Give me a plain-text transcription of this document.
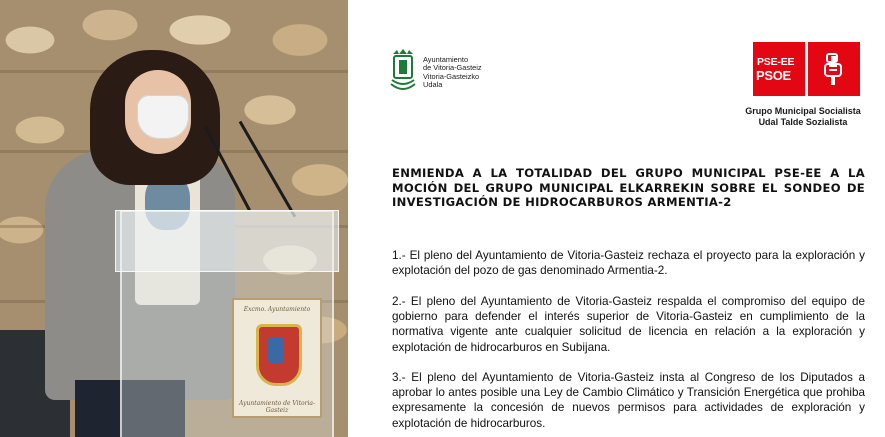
Excmo. Ayuntamiento
Ayuntamiento de Vitoria-Gasteiz
Ayuntamiento
de Vitoria-Gasteiz
Vitoria-Gasteizko
Udala
PSE-EE
PSOE
Grupo Municipal Socialista
Udal Talde Sozialista
ENMIENDA A LA TOTALIDAD DEL GRUPO MUNICIPAL PSE-EE A LA MOCIÓN DEL GRUPO MUNICIPAL ELKARREKIN SOBRE EL SONDEO DE INVESTIGACIÓN DE HIDROCARBUROS ARMENTIA-2
1.- El pleno del Ayuntamiento de Vitoria-Gasteiz rechaza el proyecto para la exploración y explotación del pozo de gas denominado Armentia-2.
2.- El pleno del Ayuntamiento de Vitoria-Gasteiz respalda el compromiso del equipo de gobierno para defender el interés superior de Vitoria-Gasteiz en cumplimiento de la normativa vigente ante cualquier solicitud de licencia en relación a la exploración y explotación de hidrocarburos en Subijana.
3.- El pleno del Ayuntamiento de Vitoria-Gasteiz insta al Congreso de los Diputados a aprobar lo antes posible una Ley de Cambio Climático y Transición Energética que prohiba expresamente la concesión de nuevos permisos para actividades de exploración y explotación de hidrocarburos.
